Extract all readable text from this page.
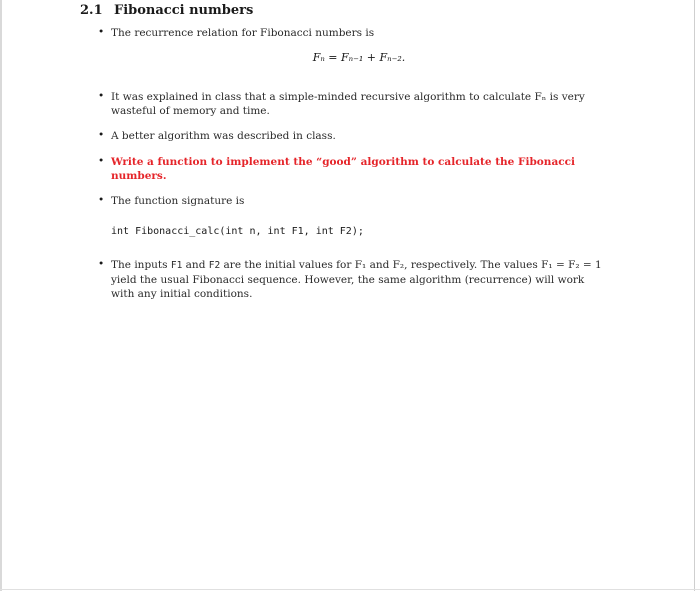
2.1 Fibonacci numbers
• The recurrence relation for Fibonacci numbers is
Fₙ = Fₙ₋₁ + Fₙ₋₂.
• It was explained in class that a simple-minded recursive algorithm to calculate Fₙ is very wasteful of memory and time.
• A better algorithm was described in class.
• Write a function to implement the “good” algorithm to calculate the Fibonacci numbers.
• The function signature is
int Fibonacci_calc(int n, int F1, int F2);
• The inputs F1 and F2 are the initial values for F₁ and F₂, respectively. The values F₁ = F₂ = 1 yield the usual Fibonacci sequence. However, the same algorithm (recurrence) will work with any initial conditions.
